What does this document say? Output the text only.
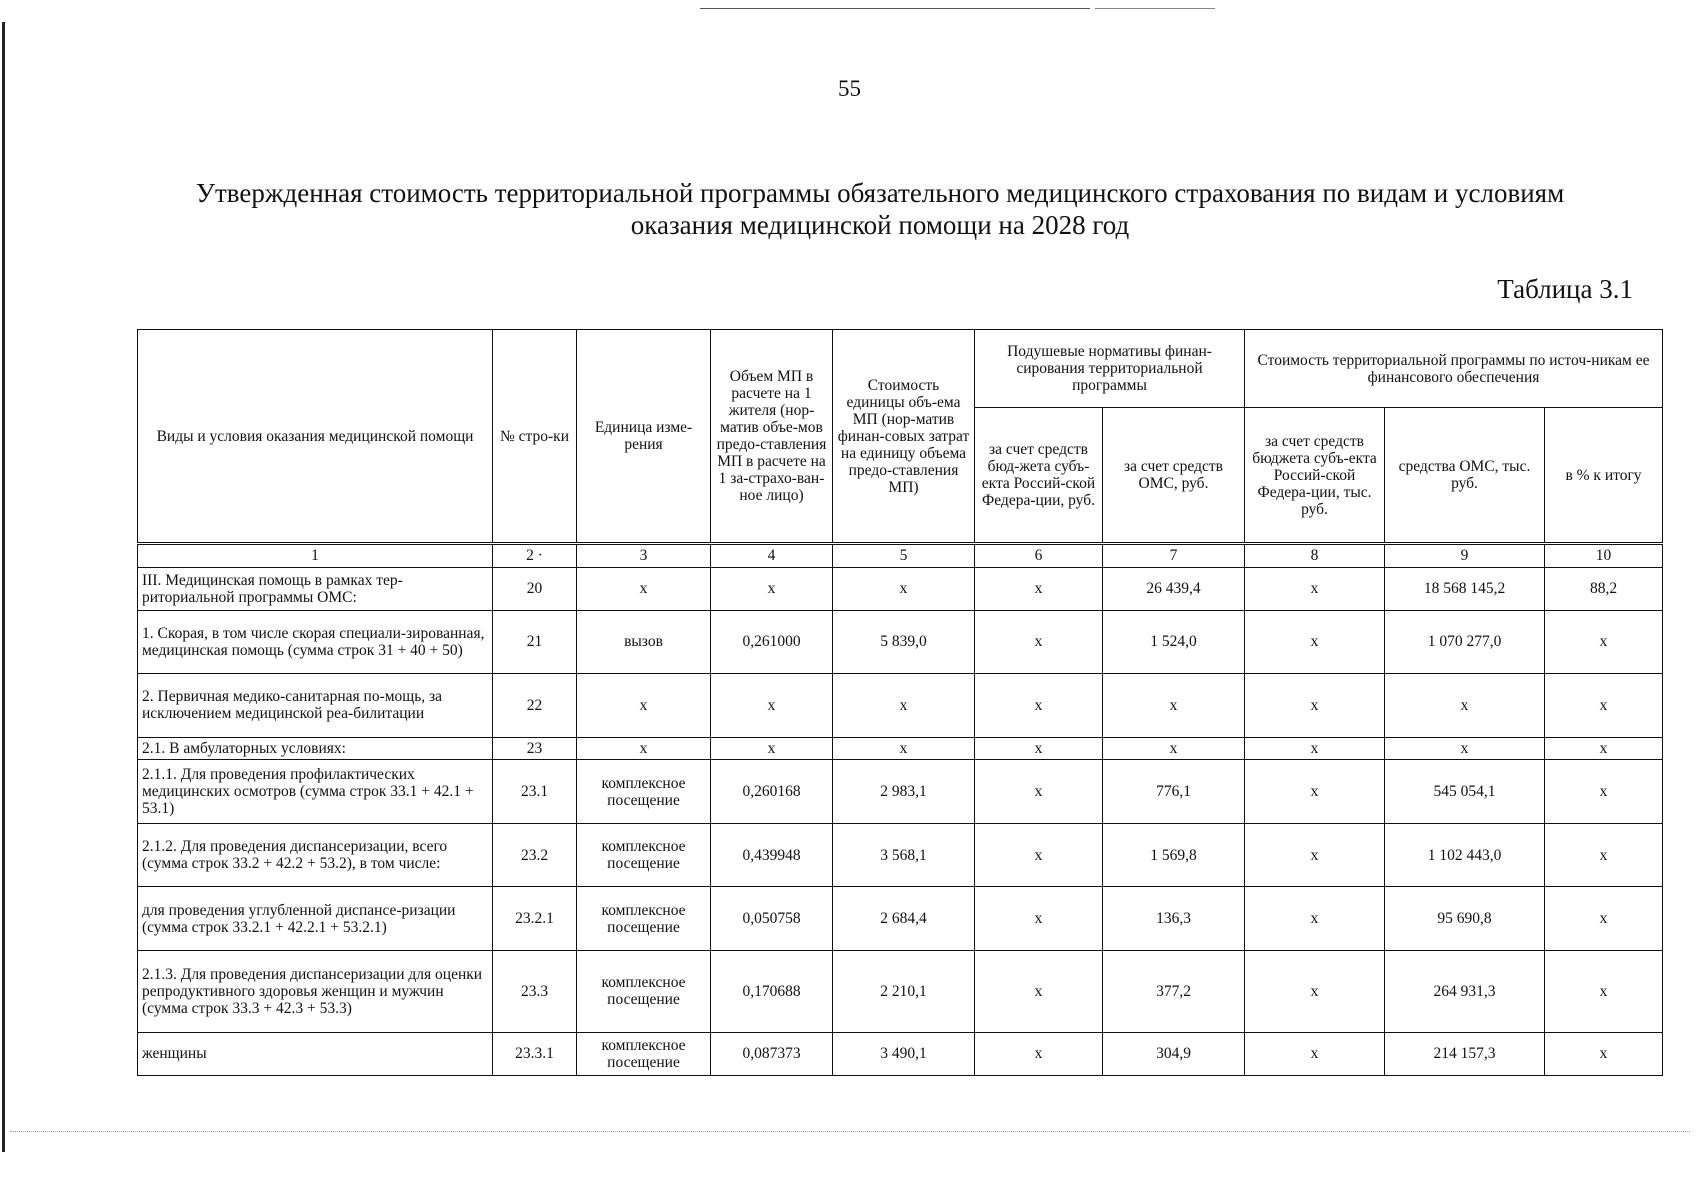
55
Утвержденная стоимость территориальной программы обязательного медицинского страхования по видам и условиям
оказания медицинской помощи на 2028 год
Таблица 3.1
Виды и условия оказания медицинской помощи	№ стро-ки	Единица изме-рения	Объем МП в расчете на 1 жителя (нор-матив объе-мов предо-ставления МП в расчете на 1 за-страхо-ван-ное лицо)	Стоимость единицы объ-ема МП (нор-матив финан-совых затрат на единицу объема предо-ставления МП)	Подушевые нормативы финан-сирования территориальной программы		Стоимость территориальной программы по источ-никам ее финансового обеспечения		
					за счет средств бюд-жета субъ-екта Россий-ской Федера-ции, руб.	за счет средств ОМС, руб.	за счет средств бюджета субъ-екта Россий-ской Федера-ции, тыс. руб.	средства ОМС, тыс. руб.	в % к итогу
1	2 ·	3	4	5	6	7	8	9	10
III. Медицинская помощь в рамках тер-риториальной программы ОМС:	20	х	х	х	х	26 439,4	х	18 568 145,2	88,2
1. Скорая, в том числе скорая специали-зированная, медицинская помощь (сумма строк 31 + 40 + 50)	21	вызов	0,261000	5 839,0	х	1 524,0	х	1 070 277,0	х
2. Первичная медико-санитарная по-мощь, за исключением медицинской реа-билитации	22	х	х	х	х	х	х	х	х
2.1. В амбулаторных условиях:	23	х	х	х	х	х	х	х	х
2.1.1. Для проведения профилактических медицинских осмотров (сумма строк 33.1 + 42.1 + 53.1)	23.1	комплексное посещение	0,260168	2 983,1	х	776,1	х	545 054,1	х
2.1.2. Для проведения диспансеризации, всего (сумма строк 33.2 + 42.2 + 53.2), в том числе:	23.2	комплексное посещение	0,439948	3 568,1	х	1 569,8	х	1 102 443,0	х
для проведения углубленной диспансе-ризации (сумма строк 33.2.1 + 42.2.1 + 53.2.1)	23.2.1	комплексное посещение	0,050758	2 684,4	х	136,3	х	95 690,8	х
2.1.3. Для проведения диспансеризации для оценки репродуктивного здоровья женщин и мужчин (сумма строк 33.3 + 42.3 + 53.3)	23.3	комплексное посещение	0,170688	2 210,1	х	377,2	х	264 931,3	х
женщины	23.3.1	комплексное посещение	0,087373	3 490,1	х	304,9	х	214 157,3	х
